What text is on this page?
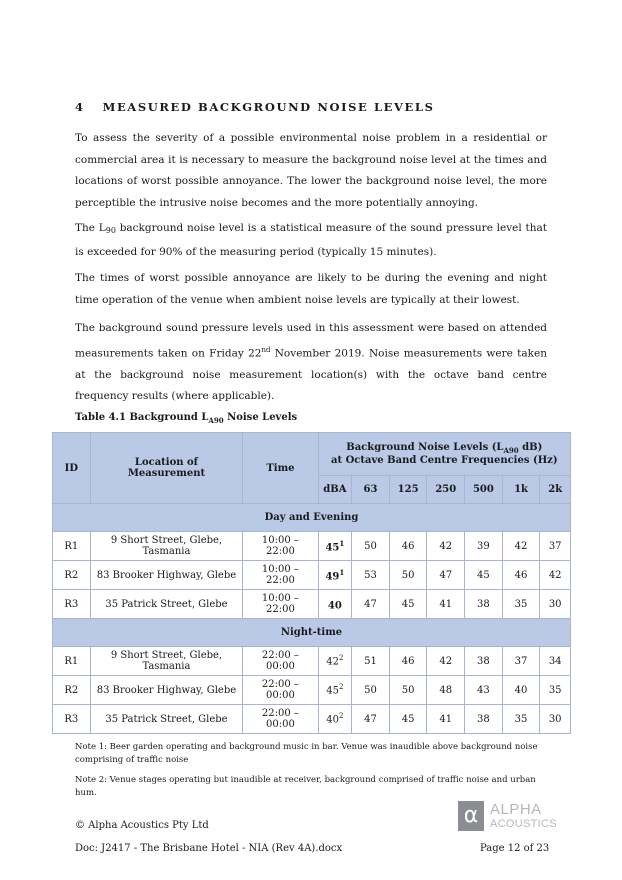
4 MEASURED BACKGROUND NOISE LEVELS
To assess the severity of a possible environmental noise problem in a residential or commercial area it is necessary to measure the background noise level at the times and locations of worst possible annoyance. The lower the background noise level, the more perceptible the intrusive noise becomes and the more potentially annoying.
The $L_{90}$ background noise level is a statistical measure of the sound pressure level that is exceeded for 90% of the measuring period (typically 15 minutes).
The times of worst possible annoyance are likely to be during the evening and night time operation of the venue when ambient noise levels are typically at their lowest.
The background sound pressure levels used in this assessment were based on attended measurements taken on Friday 22nd November 2019. Noise measurements were taken at the background noise measurement location(s) with the octave band centre frequency results (where applicable).
Table 4.1 Background $L_{A90}$ Noise Levels
ID	Location of Measurement	Time	Background Noise Levels ($L_{A90}$ dB)
at Octave Band Centre Frequencies (Hz)						
			dBA	63	125	250	500	1k	2k
Day and Evening									
R1	9 Short Street, Glebe, Tasmania	10:00 – 22:00	$45^1$	50	46	42	39	42	37
R2	83 Brooker Highway, Glebe	10:00 – 22:00	$49^1$	53	50	47	45	46	42
R3	35 Patrick Street, Glebe	10:00 – 22:00	40	47	45	41	38	35	30
Night-time									
R1	9 Short Street, Glebe, Tasmania	22:00 – 00:00	$42^2$	51	46	42	38	37	34
R2	83 Brooker Highway, Glebe	22:00 – 00:00	$45^2$	50	50	48	43	40	35
R3	35 Patrick Street, Glebe	22:00 – 00:00	$40^2$	47	45	41	38	35	30
Note 1: Beer garden operating and background music in bar. Venue was inaudible above background noise comprising of traffic noise
Note 2: Venue stages operating but inaudible at receiver, background comprised of traffic noise and urban hum.
α ALPHA
ACOUSTICS
© Alpha Acoustics Pty Ltd
Doc: J2417 - The Brisbane Hotel - NIA (Rev 4A).docx	Page 12 of 23
